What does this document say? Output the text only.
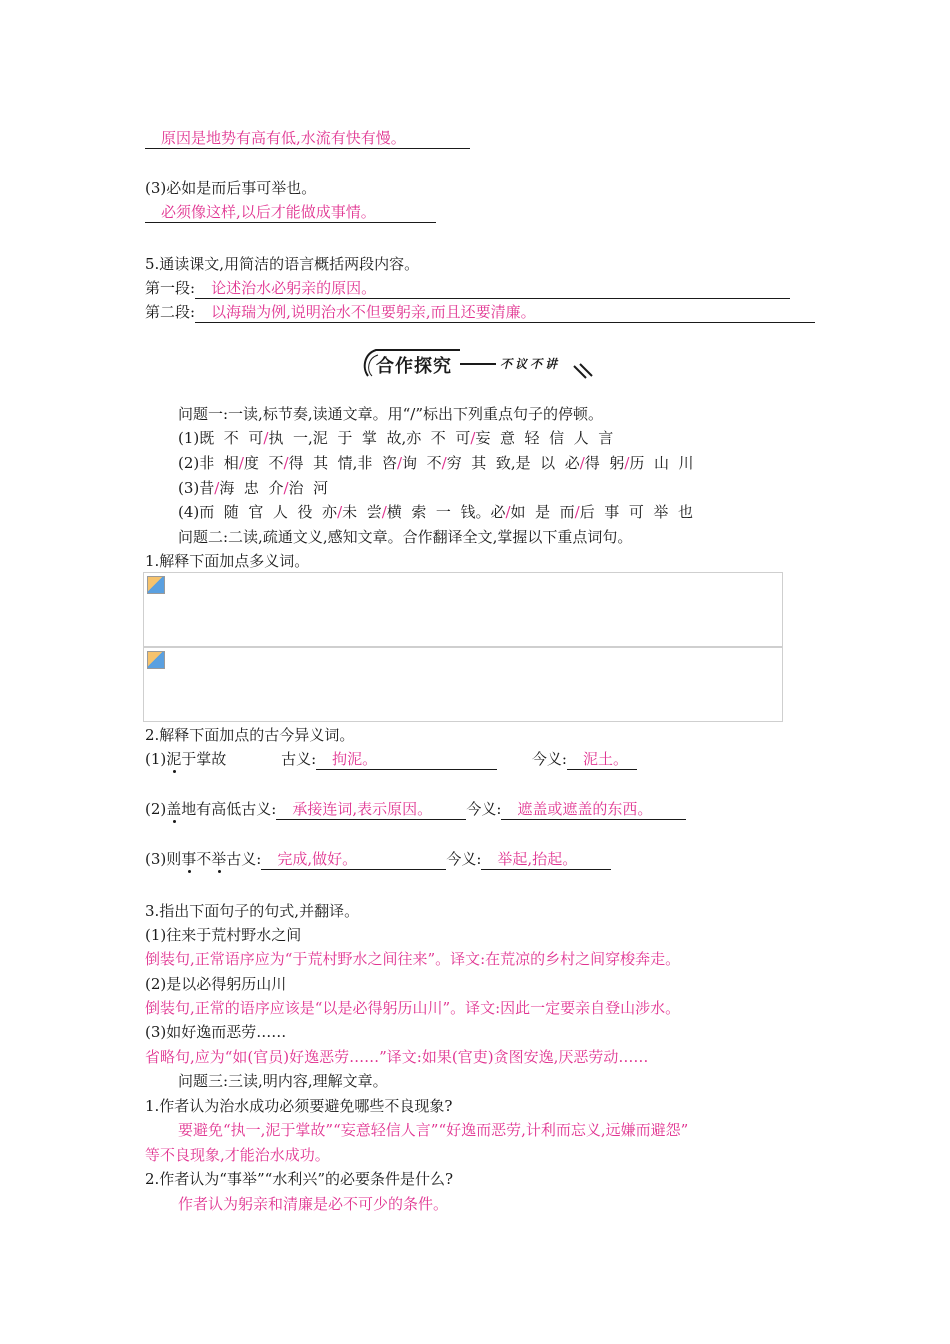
原因是地势有高有低,水流有快有慢。
(3)必如是而后事可举也。
必须像这样,以后才能做成事情。
5.通读课文,用简洁的语言概括两段内容。
第一段: 论述治水必躬亲的原因。
第二段: 以海瑞为例,说明治水不但要躬亲,而且还要清廉。
合作探究	不议不讲
问题一:一读,标节奏,读通文章。用“/”标出下列重点句子的停顿。
(1)既 不 可/执 一,泥 于 掌 故,亦 不 可/妄 意 轻 信 人 言
(2)非 相/度 不/得 其 情,非 咨/询 不/穷 其 致,是 以 必/得 躬/历 山 川
(3)昔/海 忠 介/治 河
(4)而 随 官 人 役 亦/未 尝/横 索 一 钱。必/如 是 而/后 事 可 举 也
问题二:二读,疏通文义,感知文章。合作翻译全文,掌握以下重点词句。
1.解释下面加点多义词。
2.解释下面加点的古今异义词。
(1)泥于掌故	古义: 拘泥。	今义: 泥土。
(2)盖地有高低古义: 承接连词,表示原因。 今义: 遮盖或遮盖的东西。
(3)则事不举古义: 完成,做好。	今义: 举起,抬起。
3.指出下面句子的句式,并翻译。
(1)往来于荒村野水之间
倒装句,正常语序应为“于荒村野水之间往来”。译文:在荒凉的乡村之间穿梭奔走。
(2)是以必得躬历山川
倒装句,正常的语序应该是“以是必得躬历山川”。译文:因此一定要亲自登山涉水。
(3)如好逸而恶劳……
省略句,应为“如(官员)好逸恶劳……”译文:如果(官吏)贪图安逸,厌恶劳动……
问题三:三读,明内容,理解文章。
1.作者认为治水成功必须要避免哪些不良现象?
要避免“执一,泥于掌故”“妄意轻信人言”“好逸而恶劳,计利而忘义,远嫌而避怨”
等不良现象,才能治水成功。
2.作者认为“事举”“水利兴”的必要条件是什么?
作者认为躬亲和清廉是必不可少的条件。
